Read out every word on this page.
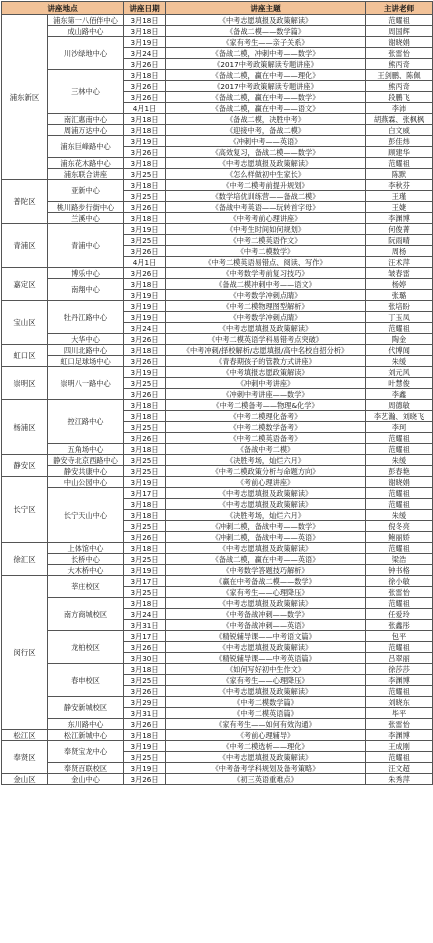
讲座地点		讲座日期	讲座主题	主讲老师
浦东新区	浦东第一八佰伴中心	3月18日	《中考志愿填报及政策解读》	范耀祖
	成山路中心	3月18日	《备战二模——数学篇》	周国辉
	川沙绿地中心	3月19日	《家有考生——亲子关系》	谢晓娟
		3月24日	《备战二模，冲刺中考——数学》	张雷怡
		3月26日	《2017中考政策解读专题讲座》	熊丙奇
	三林中心	3月18日	《备战二模，赢在中考——理化》	王剑鹏、陈佩
		3月26日	《2017中考政策解读专题讲座》	熊丙奇
		3月26日	《备战二模，赢在中考——数学》	段鹏飞
		4月1日	《备战二模，赢在中考——语文》	李沛
	南汇惠南中心	3月18日	《备战二模，决胜中考》	胡燕霖、张枫枫
	周浦万达中心	3月18日	《迎接中考，备战二模》	白文威
	浦东巨峰路中心	3月19日	《冲刺中考——英语》	彭佳炜
		3月26日	《高效复习，备战二模——数学》	顾建华
	浦东花木路中心	3月18日	《中考志愿填报及政策解读》	范耀祖
	浦东联合讲座	3月25日	《怎么样做初中生家长》	陈默
普陀区	亚新中心	3月18日	《中考二模考前提升规划》	李秋芬
		3月25日	《数学培优训练营——备战二模》	王瑾
	桃川路步行街中心	3月26日	《备战中考英语——玩转首字母》	王婕
	兰溪中心	3月18日	《中考考前心理讲座》	李渊博
青浦区	青浦中心	3月19日	《中考生时间如何规划》	何俊菁
		3月25日	《中考二模英语作文》	阮雨晴
		3月26日	《中考二模数学》	周杨
		4月1日	《中考二模英语易错点、阅读、写作》	汪术萍
嘉定区	博乐中心	3月26日	《中考数学考前复习技巧》	皱春雷
	南翔中心	3月18日	《备战二模冲刺中考——语文》	杨婷
		3月19日	《中考数学冲刺点睛》	张璐
宝山区	牡丹江路中心	3月19日	《中考二模物理图型解析》	张培盼
		3月19日	《中考数学冲刺点睛》	丁玉凤
		3月24日	《中考志愿填报及政策解读》	范耀祖
	大华中心	3月26日	《中考二模英语学科易错考点突破》	陶金
虹口区	四川北路中心	3月18日	《中考冲刺/择校解析/志愿填报/高中名校自招分析》	代博闻
	虹口足球场中心	3月26日	《青春期孩子的管教方式讲座》	朱缓
崇明区	崇明八一路中心	3月19日	《中考填报志愿政策解读》	刘元风
		3月25日	《冲刺中考讲座》	叶慧俊
		3月26日	《冲刺中考讲座——数学》	李鑫
杨浦区	控江路中心	3月18日	《中考二模备考——物理&化学》	周德敏
		3月18日	《中考二模理化备考》	李艺瀚、刘晓飞
		3月25日	《中考二模数学备考》	李珂
		3月26日	《中考二模英语备考》	范耀祖
	五角场中心	3月18日	《备战中考二模》	范耀祖
静安区	静安寺北京西路中心	3月25日	《决胜考场，灿烂六月》	朱缓
	静安共康中心	3月25日	《中考二模政策分析与命题方向》	彭春艳
长宁区	中山公园中心	3月19日	《考前心理讲座》	谢晓娟
	长宁天山中心	3月17日	《中考志愿填报及政策解读》	范耀祖
		3月18日	《中考志愿填报及政策解读》	范耀祖
		3月18日	《决胜考场，灿烂六月》	朱缓
		3月25日	《冲刺二模，备战中考——数学》	倪冬亮
		3月26日	《冲刺二模，备战中考——英语》	鲍丽娇
徐汇区	上体馆中心	3月18日	《中考志愿填报及政策解读》	范耀祖
	长桥中心	3月25日	《备战二模，赢在中考——英语》	梁浩
	大木桥中心	3月19日	《中考数学答题技巧解析》	钟书格
闵行区	莘庄校区	3月17日	《赢在中考备战二模——数学》	徐小敏
		3月25日	《家有考生——心理降压》	张雷怡
	南方商城校区	3月18日	《中考志愿填报及政策解读》	范耀祖
		3月24日	《中考备战冲刺——数学》	任爱玲
		3月31日	《中考备战冲刺——英语》	张鑫彤
	龙柏校区	3月17日	《精锐辅导课——中考语文篇》	包平
		3月26日	《中考志愿填报及政策解读》	范耀祖
		3月30日	《精锐辅导课——中考英语篇》	吕翠丽
	春申校区	3月18日	《如何写好初中生作文》	徐莎莎
		3月25日	《家有考生——心理降压》	李渊博
		3月26日	《中考志愿填报及政策解读》	范耀祖
	静安新城校区	3月29日	《中考二模数学篇》	刘晓东
		3月31日	《中考二模英语篇》	毕平
	东川路中心	3月26日	《家有考生——如何有效沟通》	张雷怡
松江区	松江新城中心	3月18日	《考前心理辅导》	李渊博
奉贤区	奉贤宝龙中心	3月19日	《中考二模选析——理化》	王成刚
		3月25日	《中考志愿填报及政策解读》	范耀祖
	奉贤百联校区	3月19日	《中考备考学科规划及备考策略》	汪文超
金山区	金山中心	3月26日	《初三英语重难点》	朱秀萍
